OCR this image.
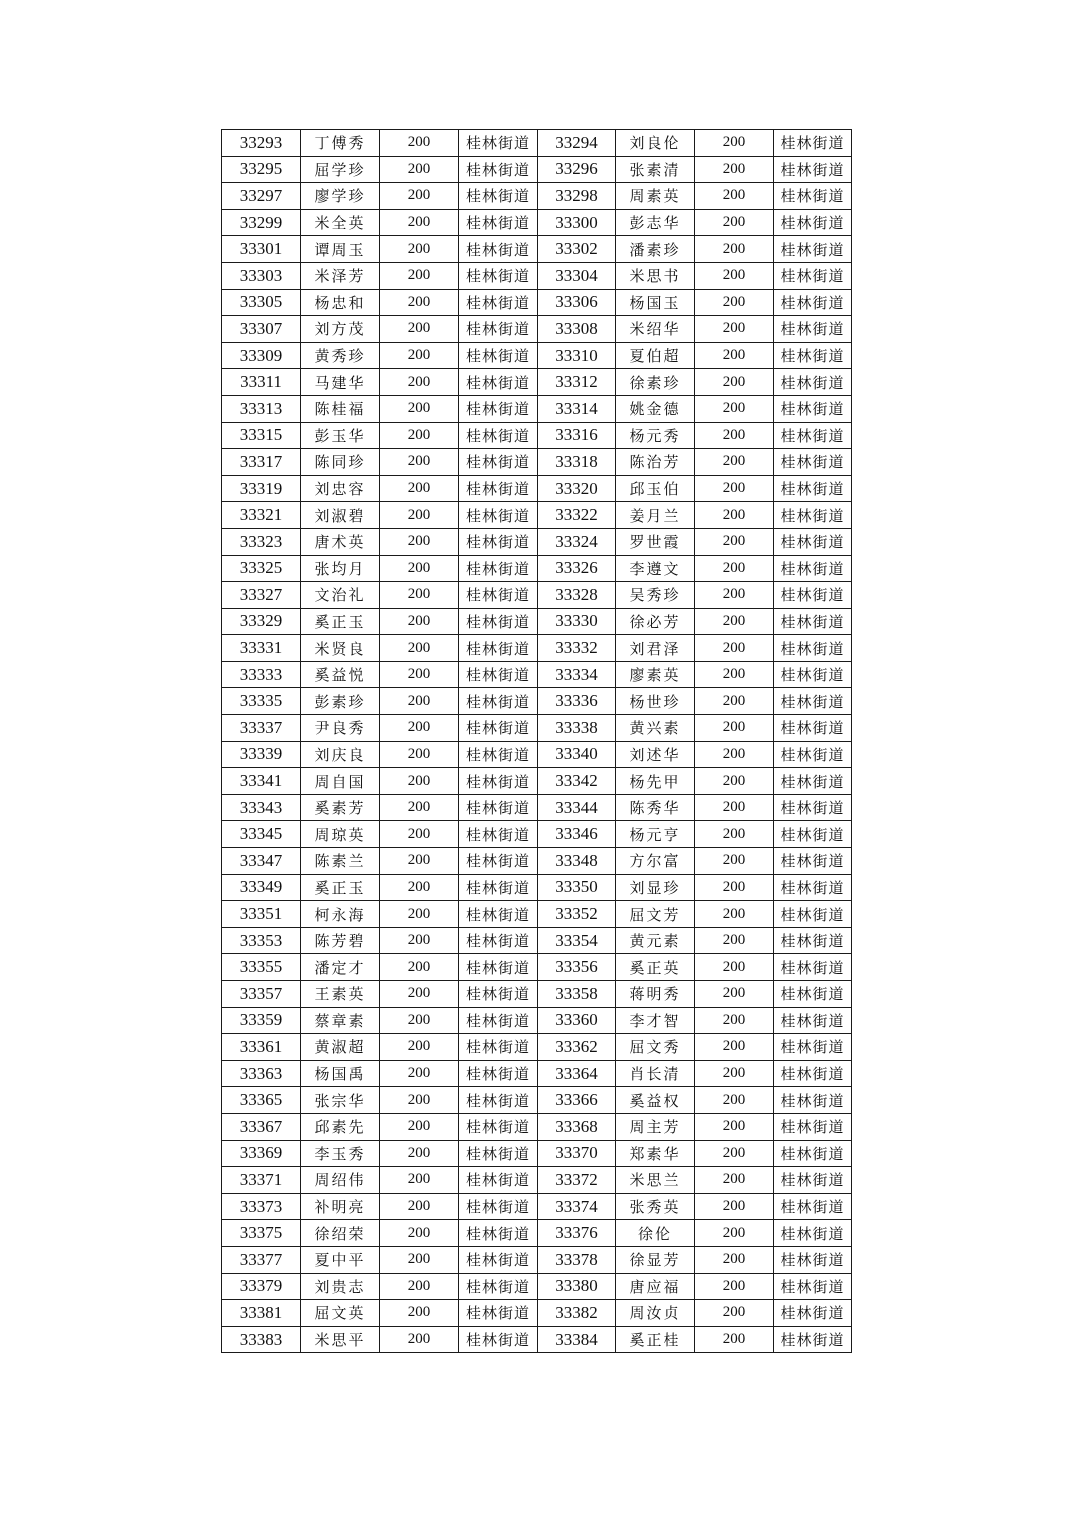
33293	丁傅秀	200	桂林街道	33294	刘良伦	200	桂林街道
33295	屈学珍	200	桂林街道	33296	张素清	200	桂林街道
33297	廖学珍	200	桂林街道	33298	周素英	200	桂林街道
33299	米全英	200	桂林街道	33300	彭志华	200	桂林街道
33301	谭周玉	200	桂林街道	33302	潘素珍	200	桂林街道
33303	米泽芳	200	桂林街道	33304	米思书	200	桂林街道
33305	杨忠和	200	桂林街道	33306	杨国玉	200	桂林街道
33307	刘方茂	200	桂林街道	33308	米绍华	200	桂林街道
33309	黄秀珍	200	桂林街道	33310	夏伯超	200	桂林街道
33311	马建华	200	桂林街道	33312	徐素珍	200	桂林街道
33313	陈桂福	200	桂林街道	33314	姚金德	200	桂林街道
33315	彭玉华	200	桂林街道	33316	杨元秀	200	桂林街道
33317	陈同珍	200	桂林街道	33318	陈治芳	200	桂林街道
33319	刘忠容	200	桂林街道	33320	邱玉伯	200	桂林街道
33321	刘淑碧	200	桂林街道	33322	姜月兰	200	桂林街道
33323	唐术英	200	桂林街道	33324	罗世霞	200	桂林街道
33325	张均月	200	桂林街道	33326	李遵文	200	桂林街道
33327	文治礼	200	桂林街道	33328	吴秀珍	200	桂林街道
33329	奚正玉	200	桂林街道	33330	徐必芳	200	桂林街道
33331	米贤良	200	桂林街道	33332	刘君泽	200	桂林街道
33333	奚益悦	200	桂林街道	33334	廖素英	200	桂林街道
33335	彭素珍	200	桂林街道	33336	杨世珍	200	桂林街道
33337	尹良秀	200	桂林街道	33338	黄兴素	200	桂林街道
33339	刘庆良	200	桂林街道	33340	刘述华	200	桂林街道
33341	周自国	200	桂林街道	33342	杨先甲	200	桂林街道
33343	奚素芳	200	桂林街道	33344	陈秀华	200	桂林街道
33345	周琼英	200	桂林街道	33346	杨元亨	200	桂林街道
33347	陈素兰	200	桂林街道	33348	方尔富	200	桂林街道
33349	奚正玉	200	桂林街道	33350	刘显珍	200	桂林街道
33351	柯永海	200	桂林街道	33352	屈文芳	200	桂林街道
33353	陈芳碧	200	桂林街道	33354	黄元素	200	桂林街道
33355	潘定才	200	桂林街道	33356	奚正英	200	桂林街道
33357	王素英	200	桂林街道	33358	蒋明秀	200	桂林街道
33359	蔡章素	200	桂林街道	33360	李才智	200	桂林街道
33361	黄淑超	200	桂林街道	33362	屈文秀	200	桂林街道
33363	杨国禹	200	桂林街道	33364	肖长清	200	桂林街道
33365	张宗华	200	桂林街道	33366	奚益权	200	桂林街道
33367	邱素先	200	桂林街道	33368	周主芳	200	桂林街道
33369	李玉秀	200	桂林街道	33370	郑素华	200	桂林街道
33371	周绍伟	200	桂林街道	33372	米思兰	200	桂林街道
33373	补明亮	200	桂林街道	33374	张秀英	200	桂林街道
33375	徐绍荣	200	桂林街道	33376	徐伦	200	桂林街道
33377	夏中平	200	桂林街道	33378	徐显芳	200	桂林街道
33379	刘贵志	200	桂林街道	33380	唐应福	200	桂林街道
33381	屈文英	200	桂林街道	33382	周汝贞	200	桂林街道
33383	米思平	200	桂林街道	33384	奚正桂	200	桂林街道
